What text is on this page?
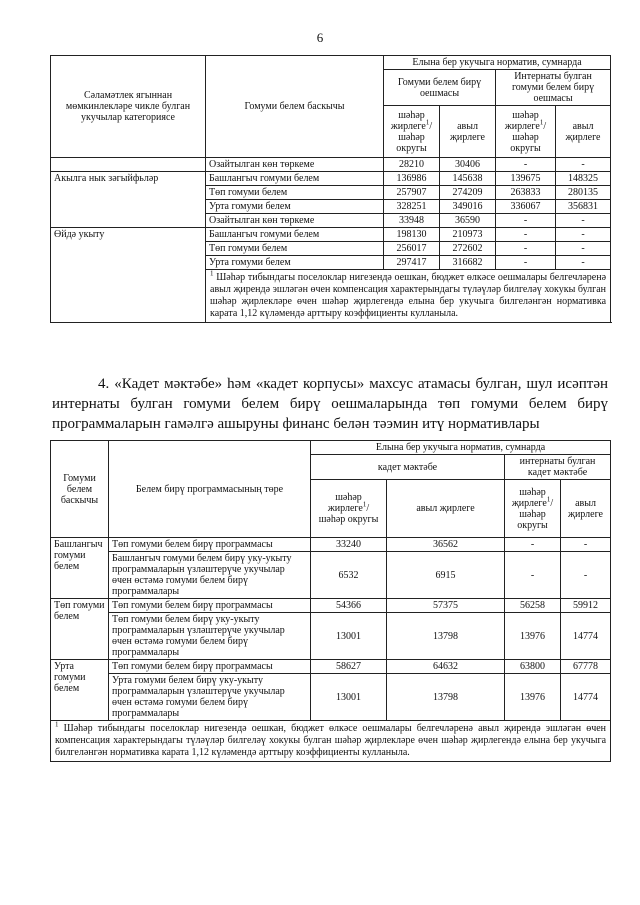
6
Сәламәтлек ягыннан мөмкинлекләре чикле булган укучылар категориясе	Гомуми белем баскычы	Елына бер укучыга норматив, сумнарда			
		Гомуми белем бирү оешмасы		Интернаты булган гомуми белем бирү оешмасы	
		шәһәр жирлеге$^1$/ шәһәр округы	авыл җирлеге	шәһәр жирлеге$^1$/ шәһәр округы	авыл җирлеге
	Озайтылган көн төркеме	28210	30406	-	-
Акылга нык зәгыйфьләр	Башлангыч гомуми белем	136986	145638	139675	148325
	Төп гомуми белем	257907	274209	263833	280135
	Урта гомуми белем	328251	349016	336067	356831
	Озайтылган көн төркеме	33948	36590	-	-
Өйдә укыту	Башлангыч гомуми белем	198130	210973	-	-
	Төп гомуми белем	256017	272602	-	-
	Урта гомуми белем	297417	316682	-	-
	$^1$ Шәһәр тибындагы поселоклар нигезендә оешкан, бюджет өлкәсе оешмалары белгечләренә авыл җирендә эшләгән өчен компенсация характерындагы түләүләр билгеләү хокукы булган шәһәр җирлекләре өчен шәһәр җирлегендә елына бер укучыга билгеләнгән нормативка карата 1,12 күләмендә арттыру коэффициенты кулланыла.				
4. «Кадет мәктәбе» һәм «кадет корпусы» махсус атамасы булган, шул исәптән интернаты булган гомуми белем бирү оешмаларында төп гомуми белем бирү программаларын гамәлгә ашыруны финанс белән тәэмин итү нормативлары
Гомуми белем баскычы	Белем бирү программасының төре	Елына бер укучыга норматив, сумнарда			
		кадет мәктәбе		интернаты булган кадет мәктәбе	
		шәһәр жирлеге$^1$/ шәһәр округы	авыл җирлеге	шәһәр җирлеге$^1$/ шәһәр округы	авыл җирлеге
Башлангыч гомуми белем	Төп гомуми белем бирү программасы	33240	36562	-	-
	Башлангыч гомуми белем бирү уку-укыту программаларын үзләштерүче укучылар өчен өстәмә гомуми белем бирү программалары	6532	6915	-	-
Төп гомуми белем	Төп гомуми белем бирү программасы	54366	57375	56258	59912
	Төп гомуми белем бирү уку-укыту программаларын үзләштерүче укучылар өчен өстәмә гомуми белем бирү программалары	13001	13798	13976	14774
Урта гомуми белем	Төп гомуми белем бирү программасы	58627	64632	63800	67778
	Урта гомуми белем бирү уку-укыту программаларын үзләштерүче укучылар өчен өстәмә гомуми белем бирү программалары	13001	13798	13976	14774
$^1$ Шәһәр тибындагы поселоклар нигезендә оешкан, бюджет өлкәсе оешмалары белгечләренә авыл җирендә эшләгән өчен компенсация характерындагы түләүләр билгеләү хокукы булган шәһәр җирлекләре өчен шәһәр җирлегендә елына бер укучыга билгеләнгән нормативка карата 1,12 күләмендә арттыру коэффициенты кулланыла.					
